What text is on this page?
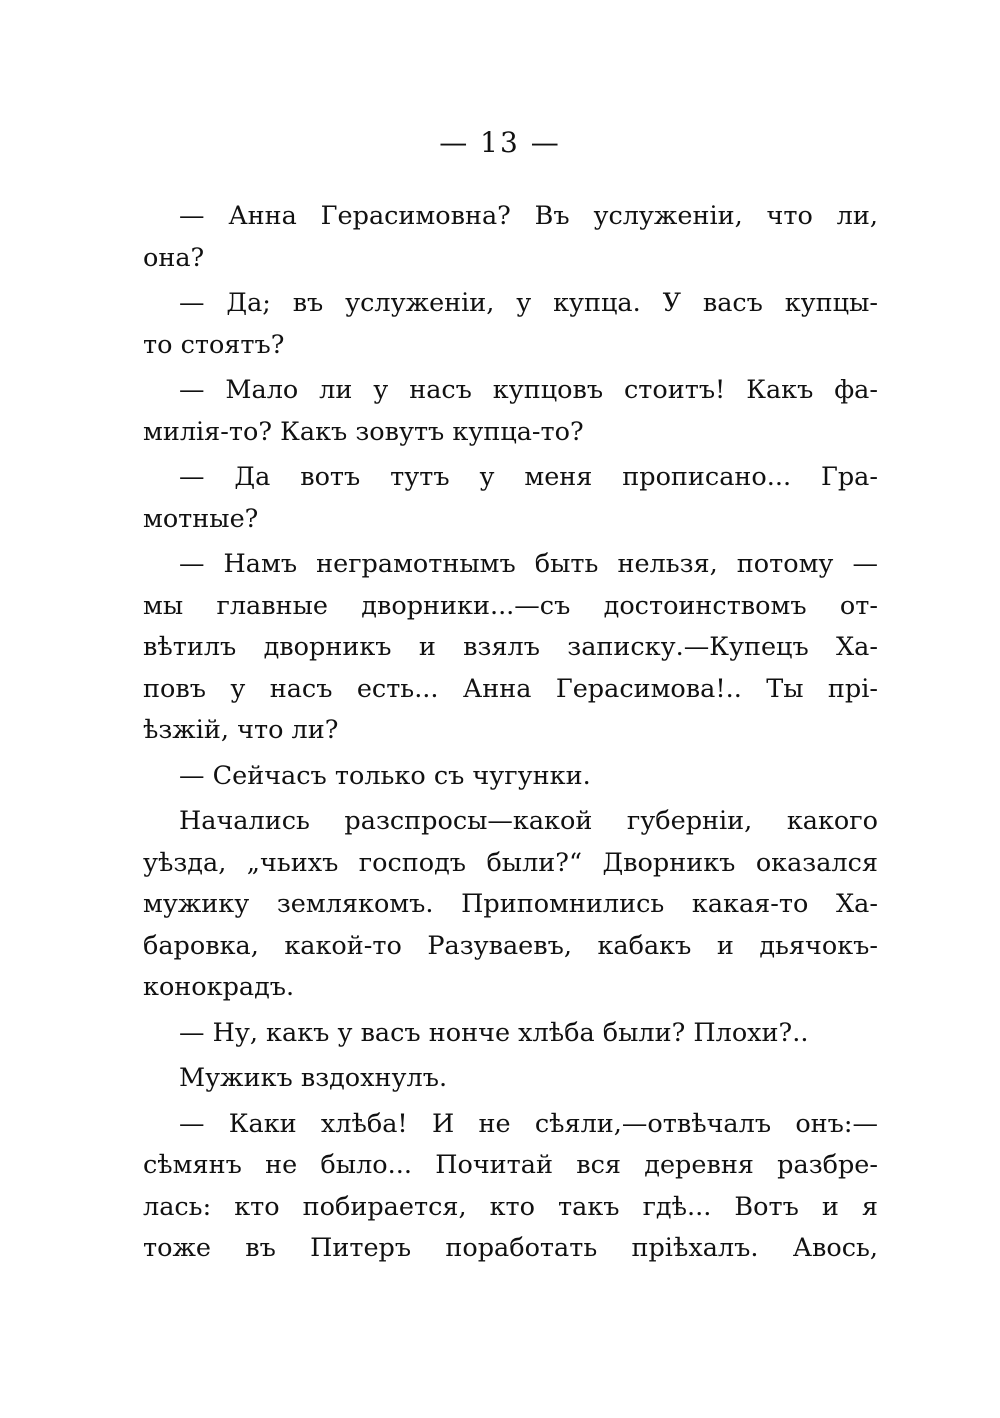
— 13 —
— Анна Герасимовна? Въ услуженіи, что ли,
она?
— Да; въ услуженіи, у купца. У васъ купцы-
то стоятъ?
— Мало ли у насъ купцовъ стоитъ! Какъ фа-
милія-то? Какъ зовутъ купца-то?
— Да вотъ тутъ у меня прописано... Гра-
мотные?
— Намъ неграмотнымъ быть нельзя, потому —
мы главные дворники...—съ достоинствомъ от-
вѣтилъ дворникъ и взялъ записку.—Купецъ Ха-
повъ у насъ есть... Анна Герасимова!.. Ты прі-
ѣзжій, что ли?
— Сейчасъ только съ чугунки.
Начались разспросы—какой губерніи, какого
уѣзда, „чьихъ господъ были?“ Дворникъ оказался
мужику землякомъ. Припомнились какая-то Ха-
баровка, какой-то Разуваевъ, кабакъ и дьячокъ-
конокрадъ.
— Ну, какъ у васъ нонче хлѣба были? Плохи?..
Мужикъ вздохнулъ.
— Каки хлѣба! И не сѣяли,—отвѣчалъ онъ:—
сѣмянъ не было... Почитай вся деревня разбре-
лась: кто побирается, кто такъ гдѣ... Вотъ и я
тоже въ Питеръ поработать пріѣхалъ. Авось,
